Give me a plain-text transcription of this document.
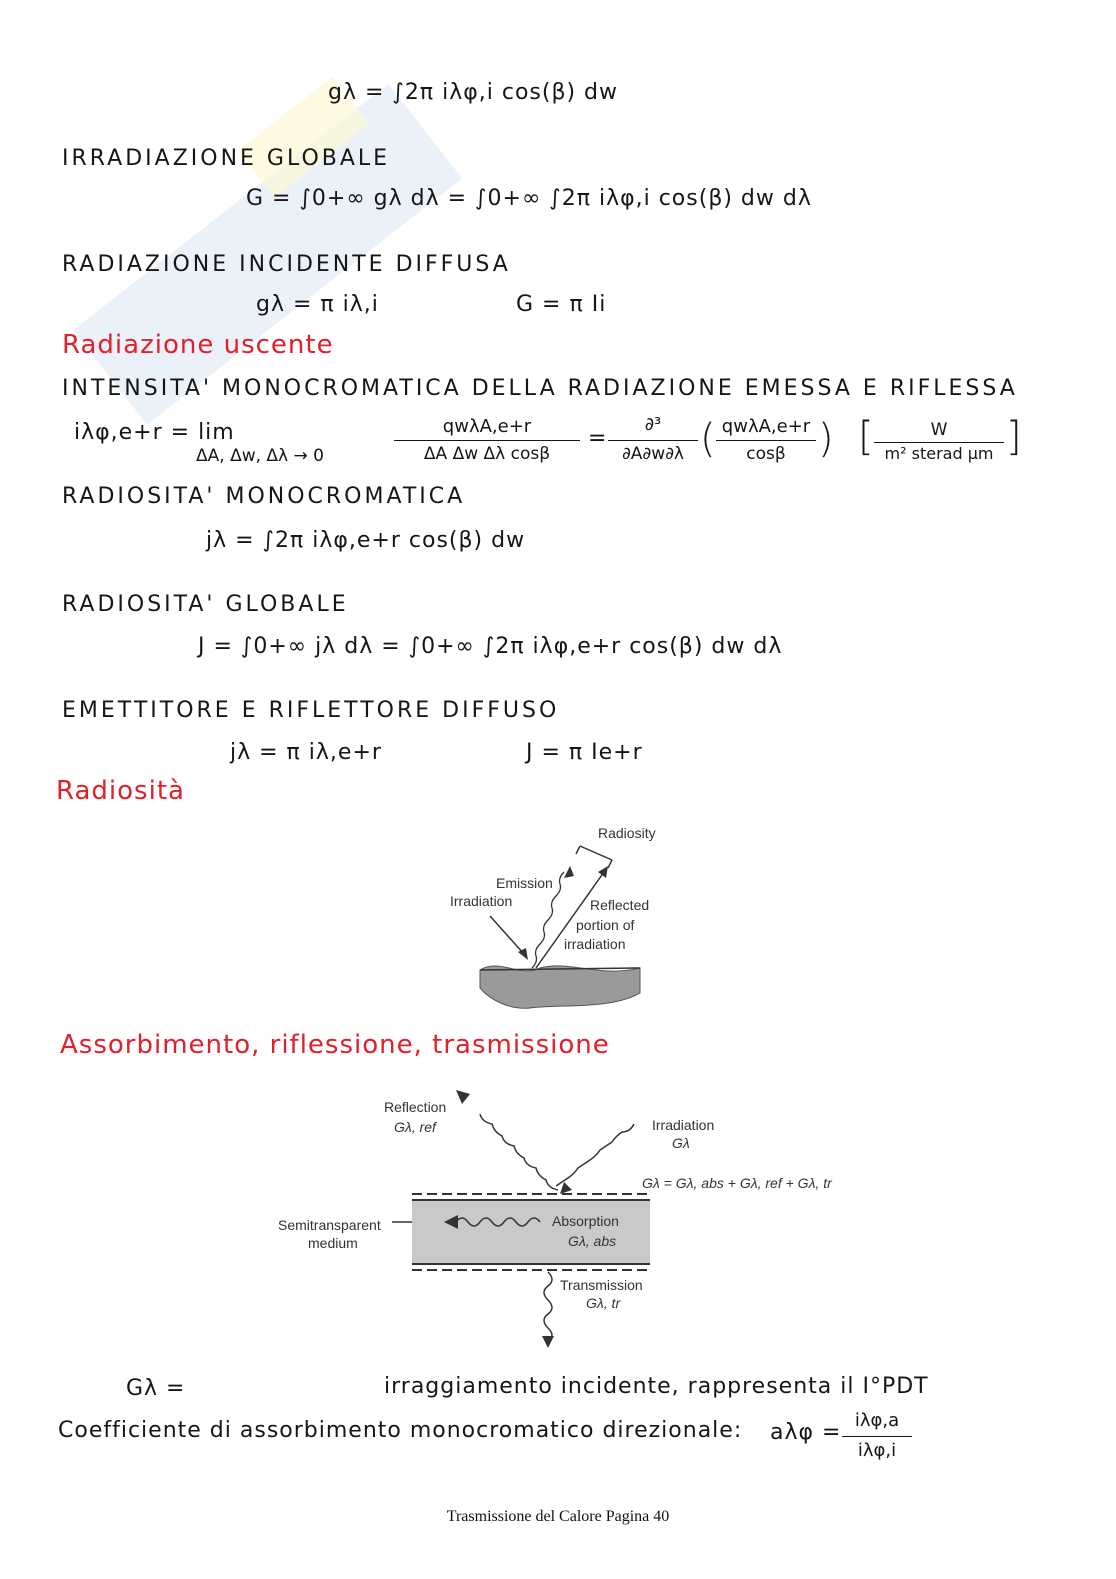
gλ = ∫2π iλφ,i cos(β) dw
IRRADIAZIONE GLOBALE
G = ∫0+∞ gλ dλ = ∫0+∞ ∫2π iλφ,i cos(β) dw dλ
RADIAZIONE INCIDENTE DIFFUSA
gλ = π iλ,i	G = π Ii
Radiazione uscente
INTENSITA' MONOCROMATICA DELLA RADIAZIONE EMESSA E RIFLESSA
iλφ,e+r = lim
ΔA, Δw, Δλ → 0
qwλA,e+r
ΔA Δw Δλ cosβ
=
∂³
∂A∂w∂λ ( qwλA,e+r
cosβ ) [	W
m² sterad μm ]
RADIOSITA' MONOCROMATICA
jλ = ∫2π iλφ,e+r cos(β) dw
RADIOSITA' GLOBALE
J = ∫0+∞ jλ dλ = ∫0+∞ ∫2π iλφ,e+r cos(β) dw dλ
EMETTITORE E RIFLETTORE DIFFUSO
jλ = π iλ,e+r	J = π Ie+r
Radiosità
Radiosity
Emission
Irradiation	Reflected
portion of
irradiation
Assorbimento, riflessione, trasmissione
Reflection
Gλ, ref	Irradiation
Gλ
Gλ = Gλ, abs + Gλ, ref + Gλ, tr
Semitransparent
medium
Absorption
Gλ, abs
Transmission
Gλ, tr
Gλ =	irraggiamento incidente, rappresenta il I°PDT
Coefficiente di assorbimento monocromatico direzionale: aλφ = iλφ,a
iλφ,i
Trasmissione del Calore Pagina 40
